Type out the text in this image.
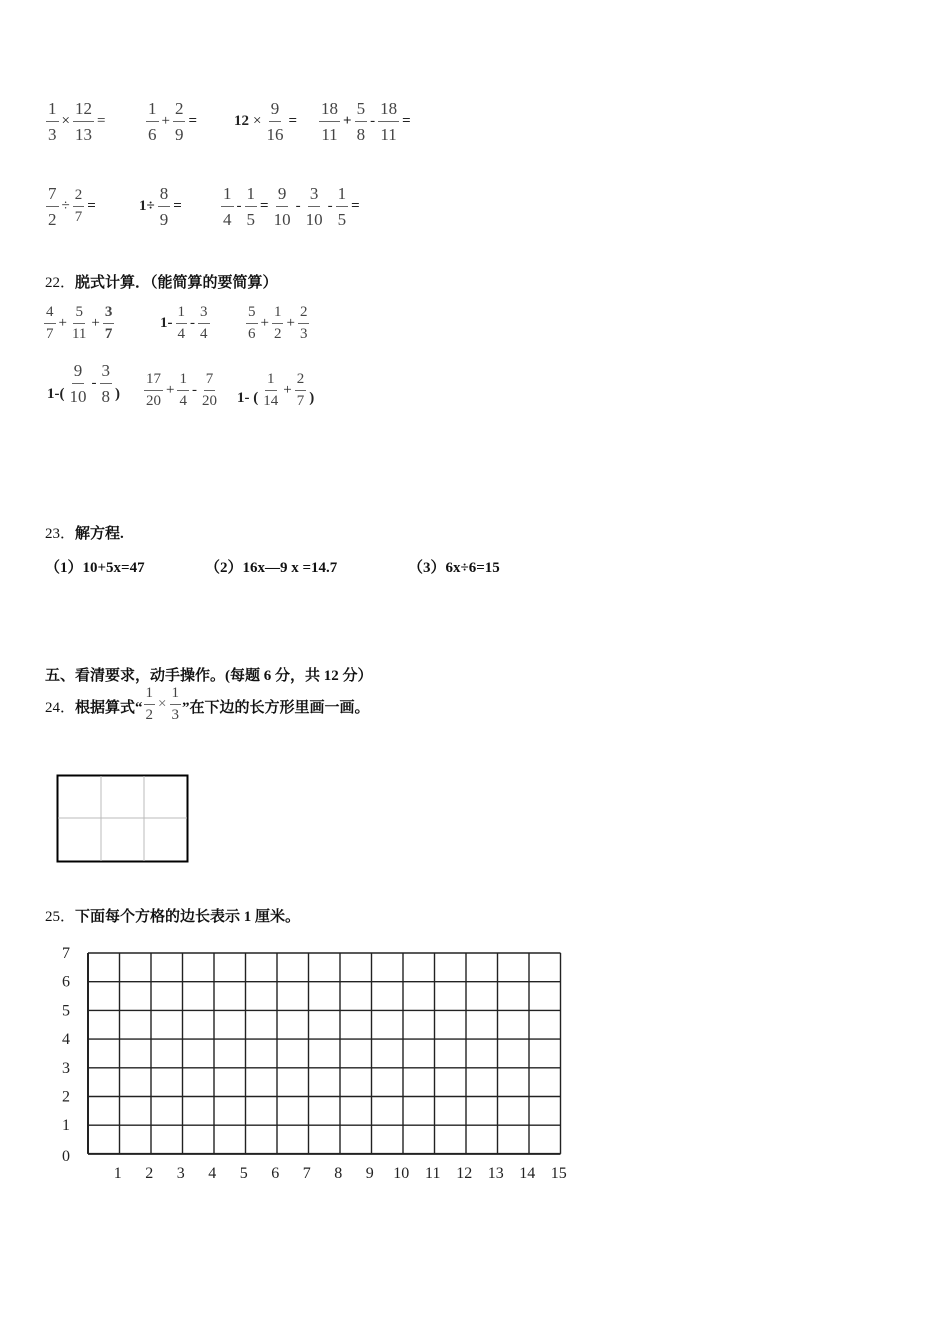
$\frac{1}{3} \times \frac{12}{13} = \frac{1}{6} + \frac{2}{9} = 12 \times \frac{9}{16} = \frac{18}{11} + \frac{5}{8} - \frac{18}{11}$ =
$\frac{7}{2} \div \frac{2}{7}$ =	$1\div \frac{8}{9} = \frac{1}{4} - \frac{1}{5} = \frac{9}{10} - \frac{3}{10} - \frac{1}{5}$ =
22．脱式计算．（能简算的要简算）
$\frac{4}{7} + \frac{5}{11} + \frac{3}{7}$	$1- \frac{1}{4} - \frac{3}{4} \frac{5}{6} + \frac{1}{2} + \frac{2}{3}$
$1-( \frac{9}{10} - \frac{3}{8}$ ) $\frac{17}{20} + \frac{1}{4} - \frac{7}{20} 1-$ ( $\frac{1}{14} + \frac{2}{7}$ )
23．解方程.
（1）10+5x=47	（2）16x—9 x =14.7	（3）6x÷6=15
五、看清要求，动手操作。(每题 6 分，共 12 分）
24．根据算式“ $\frac{1}{2} \times \frac{1}{3}$ ”在下边的长方形里画一画。
25．下面每个方格的边长表示 1 厘米。
0
1
2
3
4
5
6
7
1 2 3 4 5 6 7 8 9 10 11 12 13 14 15
